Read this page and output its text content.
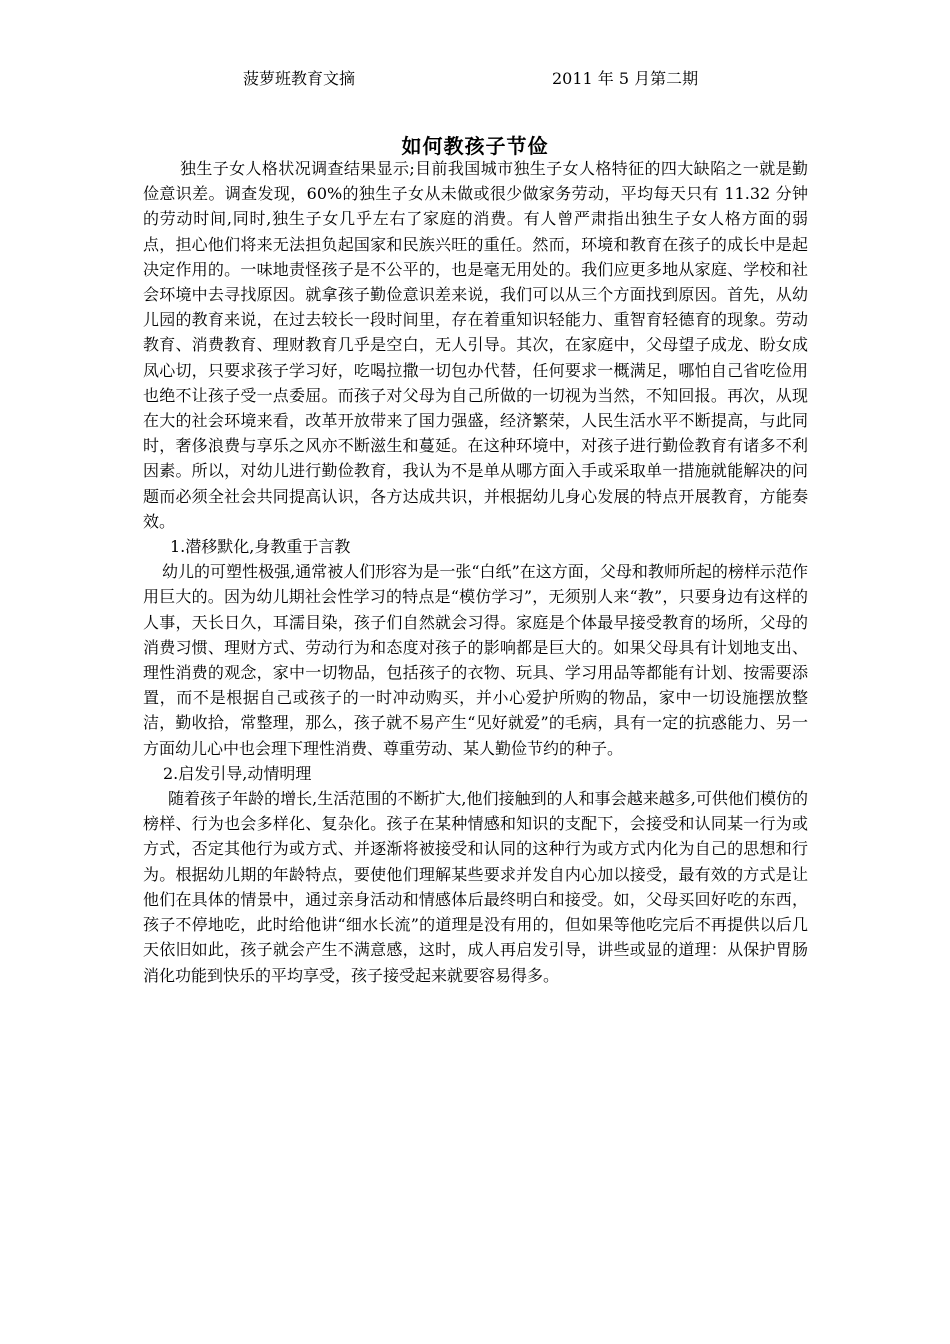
菠萝班教育文摘	2011 年 5 月第二期
如何教孩子节俭

独生子女人格状况调查结果显示;目前我国城市独生子女人格特征的四大缺陷之一就是勤俭意识差。调查发现，60%的独生子女从未做或很少做家务劳动，平均每天只有 11.32 分钟的劳动时间,同时,独生子女几乎左右了家庭的消费。有人曾严肃指出独生子女人格方面的弱点，担心他们将来无法担负起国家和民族兴旺的重任。然而，环境和教育在孩子的成长中是起决定作用的。一味地责怪孩子是不公平的，也是毫无用处的。我们应更多地从家庭、学校和社会环境中去寻找原因。就拿孩子勤俭意识差来说，我们可以从三个方面找到原因。首先，从幼儿园的教育来说，在过去较长一段时间里，存在着重知识轻能力、重智育轻德育的现象。劳动教育、消费教育、理财教育几乎是空白，无人引导。其次，在家庭中，父母望子成龙、盼女成凤心切，只要求孩子学习好，吃喝拉撒一切包办代替，任何要求一概满足，哪怕自己省吃俭用也绝不让孩子受一点委屈。而孩子对父母为自己所做的一切视为当然，不知回报。再次，从现在大的社会环境来看，改革开放带来了国力强盛，经济繁荣，人民生活水平不断提高，与此同时，奢侈浪费与享乐之风亦不断滋生和蔓延。在这种环境中，对孩子进行勤俭教育有诸多不利因素。所以，对幼儿进行勤俭教育，我认为不是单从哪方面入手或采取单一措施就能解决的问题而必须全社会共同提高认识，各方达成共识，并根据幼儿身心发展的特点开展教育，方能奏效。

1.潜移默化,身教重于言教

幼儿的可塑性极强,通常被人们形容为是一张“白纸”在这方面，父母和教师所起的榜样示范作用巨大的。因为幼儿期社会性学习的特点是“模仿学习”，无须别人来“教”，只要身边有这样的人事，天长日久，耳濡目染，孩子们自然就会习得。家庭是个体最早接受教育的场所，父母的消费习惯、理财方式、劳动行为和态度对孩子的影响都是巨大的。如果父母具有计划地支出、理性消费的观念，家中一切物品，包括孩子的衣物、玩具、学习用品等都能有计划、按需要添置，而不是根据自己或孩子的一时冲动购买，并小心爱护所购的物品，家中一切设施摆放整洁，勤收拾，常整理，那么，孩子就不易产生“见好就爱”的毛病，具有一定的抗惑能力、另一方面幼儿心中也会理下理性消费、尊重劳动、某人勤俭节约的种子。

2.启发引导,动情明理

随着孩子年龄的增长,生活范围的不断扩大,他们接触到的人和事会越来越多,可供他们模仿的榜样、行为也会多样化、复杂化。孩子在某种情感和知识的支配下，会接受和认同某一行为或方式，否定其他行为或方式、并逐渐将被接受和认同的这种行为或方式内化为自己的思想和行为。根据幼儿期的年龄特点，要使他们理解某些要求并发自内心加以接受，最有效的方式是让他们在具体的情景中，通过亲身活动和情感体后最终明白和接受。如，父母买回好吃的东西，孩子不停地吃，此时给他讲“细水长流”的道理是没有用的，但如果等他吃完后不再提供以后几天依旧如此，孩子就会产生不满意感，这时，成人再启发引导，讲些或显的道理：从保护胃肠消化功能到快乐的平均享受，孩子接受起来就要容易得多。
